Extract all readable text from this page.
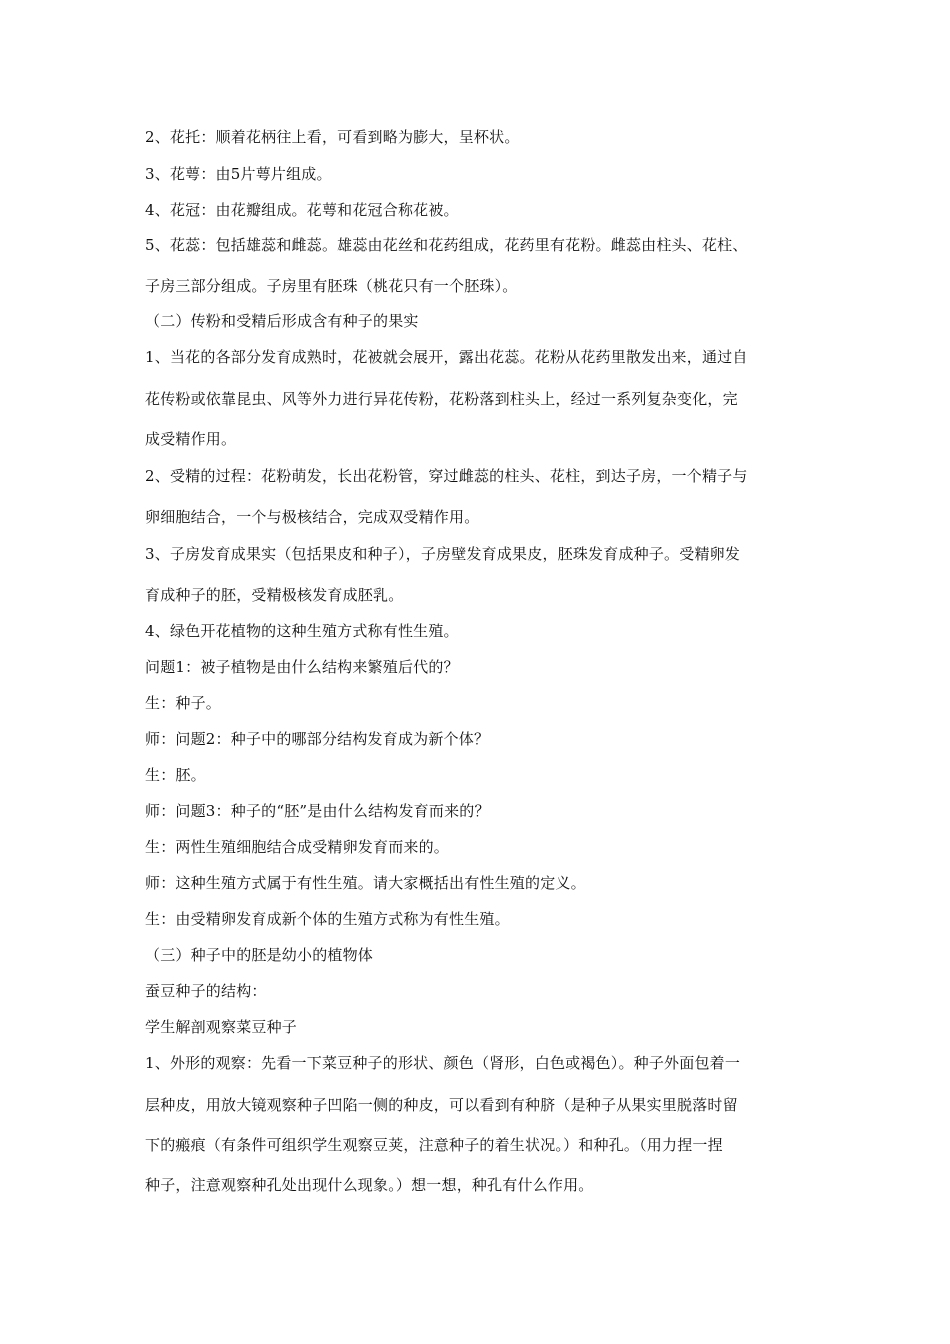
2、花托：顺着花柄往上看，可看到略为膨大，呈杯状。
3、花萼：由5片萼片组成。
4、花冠：由花瓣组成。花萼和花冠合称花被。
5、花蕊：包括雄蕊和雌蕊。雄蕊由花丝和花药组成，花药里有花粉。雌蕊由柱头、花柱、
子房三部分组成。子房里有胚珠（桃花只有一个胚珠）。
（二）传粉和受精后形成含有种子的果实
1、当花的各部分发育成熟时，花被就会展开，露出花蕊。花粉从花药里散发出来，通过自
花传粉或依靠昆虫、风等外力进行异花传粉，花粉落到柱头上，经过一系列复杂变化，完
成受精作用。
2、受精的过程：花粉萌发，长出花粉管，穿过雌蕊的柱头、花柱，到达子房，一个精子与
卵细胞结合，一个与极核结合，完成双受精作用。
3、子房发育成果实（包括果皮和种子），子房壁发育成果皮，胚珠发育成种子。受精卵发
育成种子的胚，受精极核发育成胚乳。
4、绿色开花植物的这种生殖方式称有性生殖。
问题1：被子植物是由什么结构来繁殖后代的？
生：种子。
师：问题2：种子中的哪部分结构发育成为新个体？
生：胚。
师：问题3：种子的“胚”是由什么结构发育而来的？
生：两性生殖细胞结合成受精卵发育而来的。
师：这种生殖方式属于有性生殖。请大家概括出有性生殖的定义。
生：由受精卵发育成新个体的生殖方式称为有性生殖。
（三）种子中的胚是幼小的植物体
蚕豆种子的结构：
学生解剖观察菜豆种子
1、外形的观察：先看一下菜豆种子的形状、颜色（肾形，白色或褐色）。种子外面包着一
层种皮，用放大镜观察种子凹陷一侧的种皮，可以看到有种脐（是种子从果实里脱落时留
下的瘢痕（有条件可组织学生观察豆荚，注意种子的着生状况。）和种孔。（用力捏一捏
种子，注意观察种孔处出现什么现象。）想一想，种孔有什么作用。
